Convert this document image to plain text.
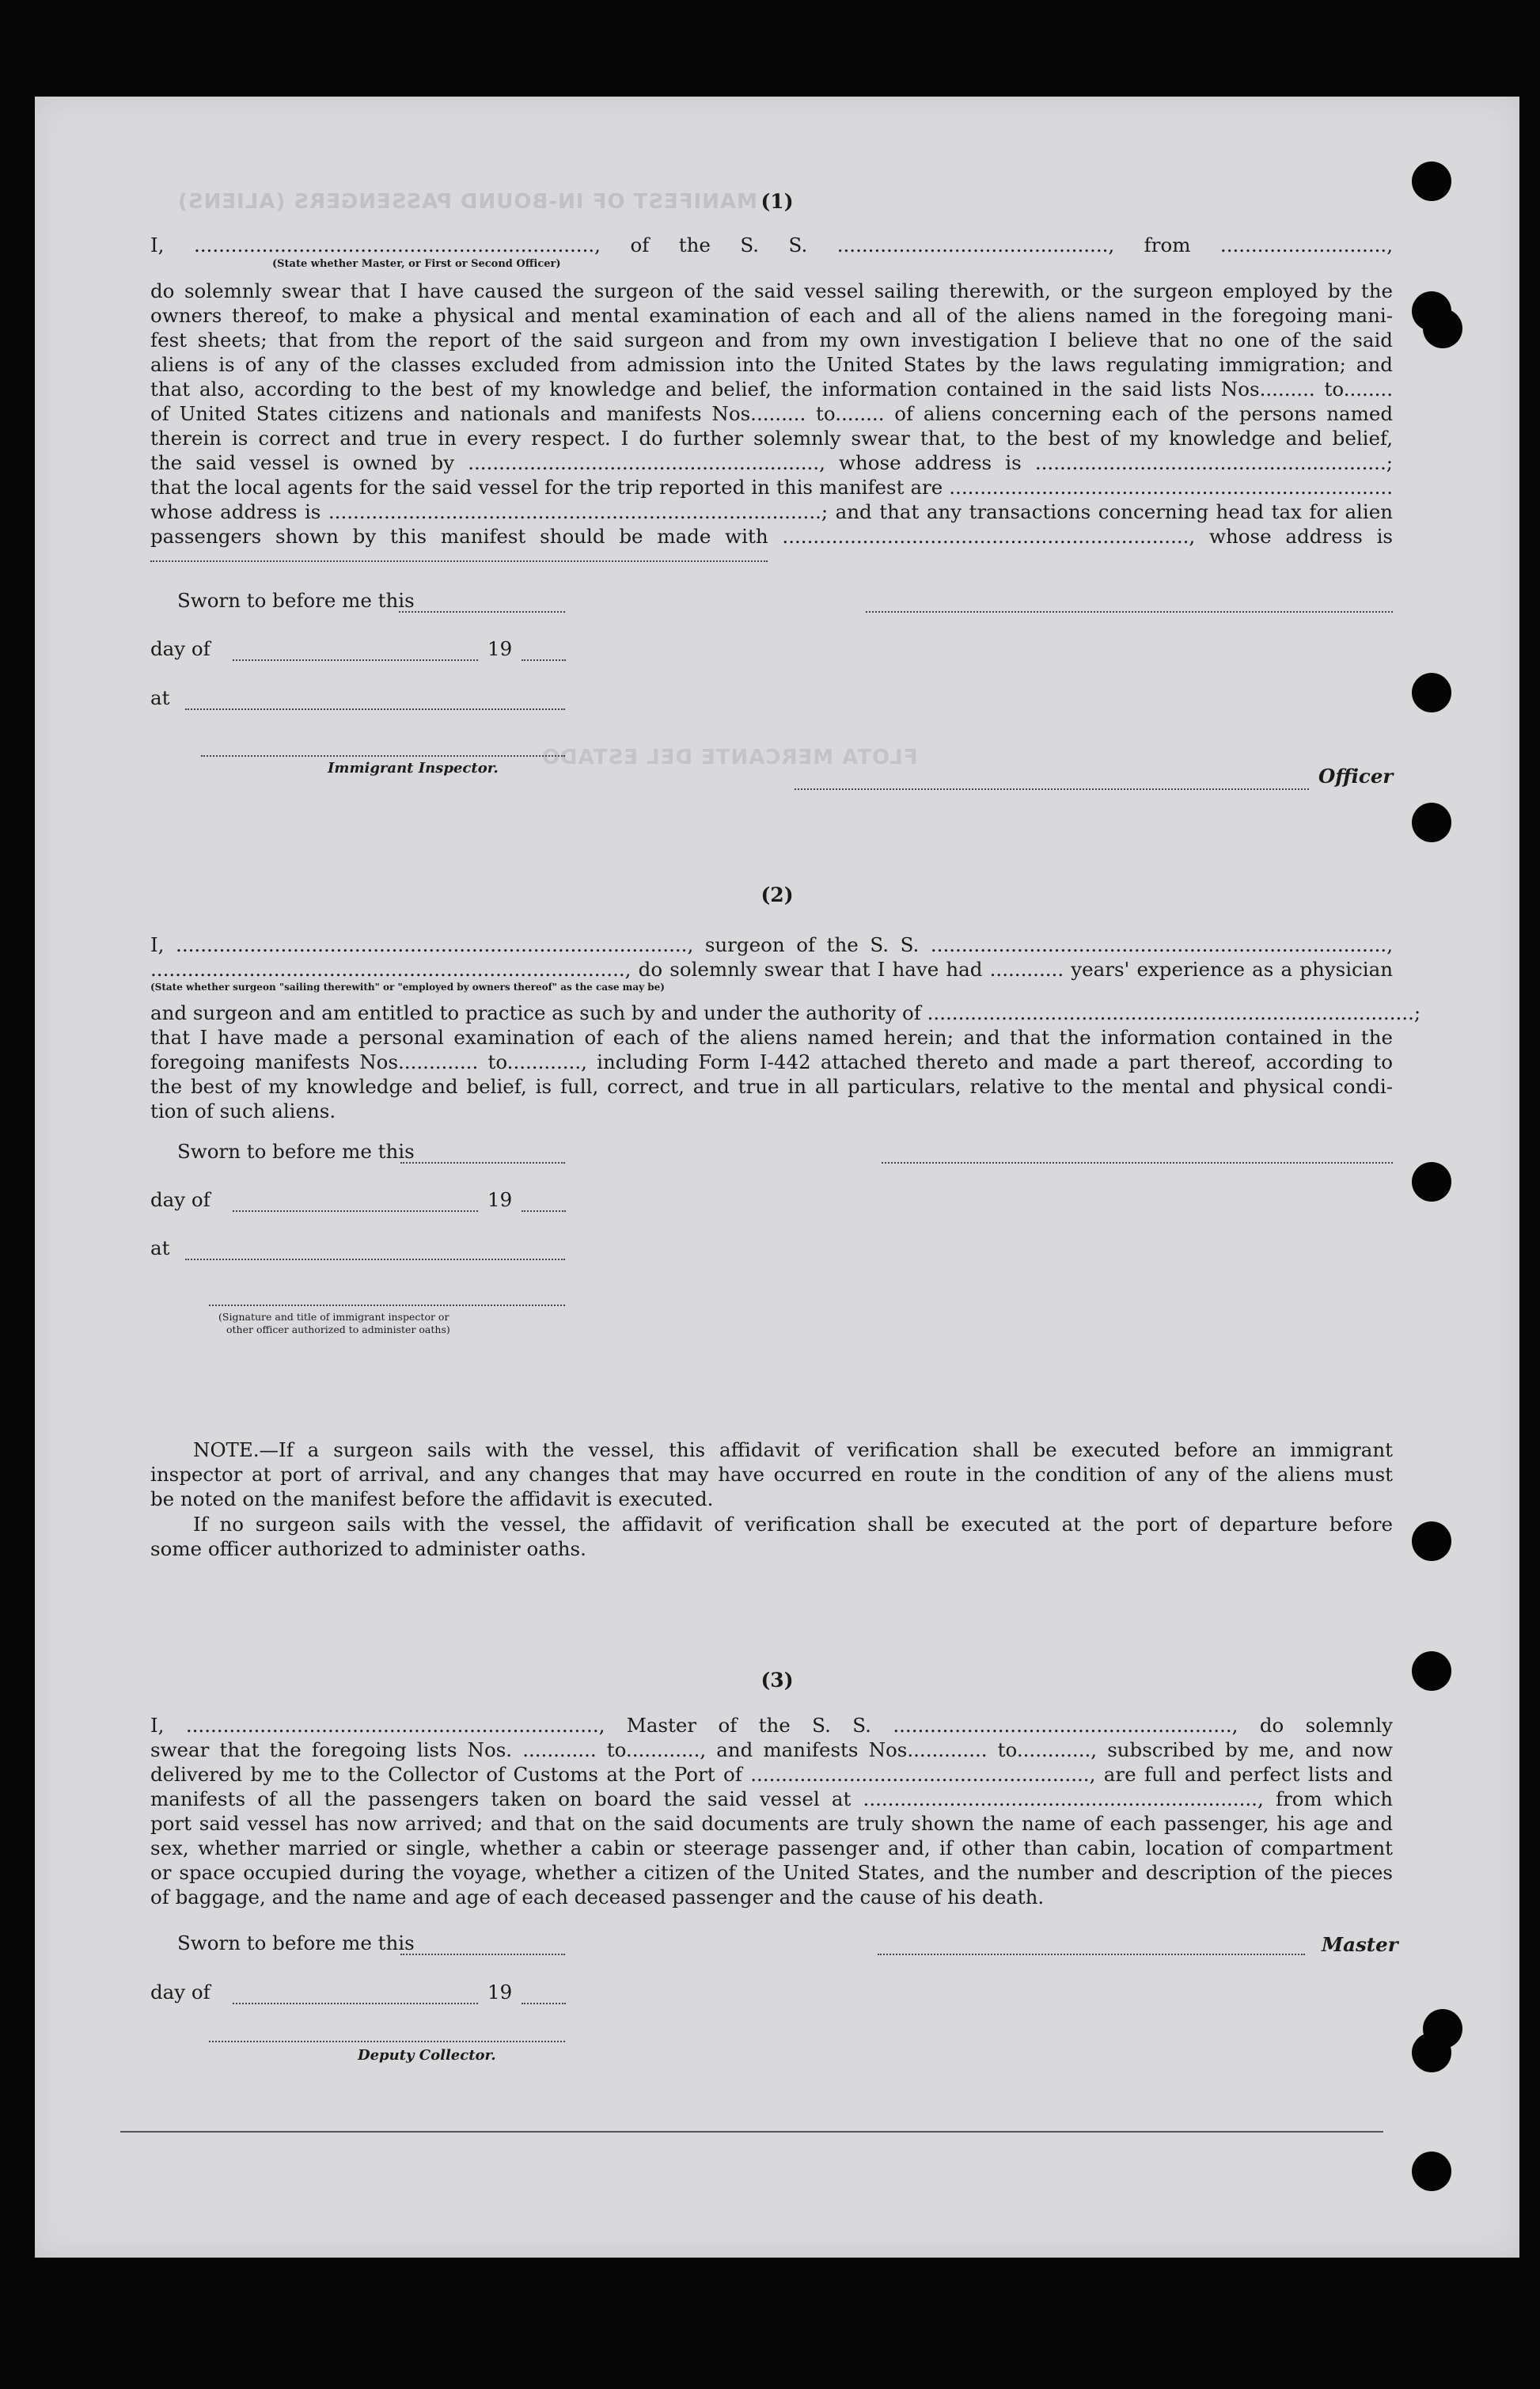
MANIFEST OF IN-BOUND PASSENGERS (ALIENS)
FLOTA MERCANTE DEL ESTADO
(1)
I, ................................................................., of the S. S. ............................................, from ...........................,
(State whether Master, or First or Second Officer)
do solemnly swear that I have caused the surgeon of the said vessel sailing therewith, or the surgeon employed by the
owners thereof, to make a physical and mental examination of each and all of the aliens named in the foregoing mani-
fest sheets; that from the report of the said surgeon and from my own investigation I believe that no one of the said
aliens is of any of the classes excluded from admission into the United States by the laws regulating immigration; and
that also, according to the best of my knowledge and belief, the information contained in the said lists Nos......... to........
of United States citizens and nationals and manifests Nos......... to........ of aliens concerning each of the persons named
therein is correct and true in every respect. I do further solemnly swear that, to the best of my knowledge and belief,
the said vessel is owned by ........................................................., whose address is .........................................................;
that the local agents for the said vessel for the trip reported in this manifest are ........................................................................
whose address is ................................................................................; and that any transactions concerning head tax for alien
passengers shown by this manifest should be made with .................................................................., whose address is
Sworn to before me this
day of	19
Officer
at
Immigrant Inspector.
(2)
I, ..................................................................................., surgeon of the S. S. ..........................................................................,
............................................................................., do solemnly swear that I have had ............ years' experience as a physician
(State whether surgeon "sailing therewith" or "employed by owners thereof" as the case may be)
and surgeon and am entitled to practice as such by and under the authority of ...............................................................................;
that I have made a personal examination of each of the aliens named herein; and that the information contained in the
foregoing manifests Nos............. to............, including Form I-442 attached thereto and made a part thereof, according to
the best of my knowledge and belief, is full, correct, and true in all particulars, relative to the mental and physical condi-
tion of such aliens.
Sworn to before me this
day of	19
at
(Signature and title of immigrant inspector or
other officer authorized to administer oaths)
NOTE.—If a surgeon sails with the vessel, this affidavit of verification shall be executed before an immigrant
inspector at port of arrival, and any changes that may have occurred en route in the condition of any of the aliens must
be noted on the manifest before the affidavit is executed.
If no surgeon sails with the vessel, the affidavit of verification shall be executed at the port of departure before
some officer authorized to administer oaths.
(3)
I, ..................................................................., Master of the S. S. ......................................................., do solemnly
swear that the foregoing lists Nos. ............ to............, and manifests Nos............. to............, subscribed by me, and now
delivered by me to the Collector of Customs at the Port of ......................................................., are full and perfect lists and
manifests of all the passengers taken on board the said vessel at ................................................................, from which
port said vessel has now arrived; and that on the said documents are truly shown the name of each passenger, his age and
sex, whether married or single, whether a cabin or steerage passenger and, if other than cabin, location of compartment
or space occupied during the voyage, whether a citizen of the United States, and the number and description of the pieces
of baggage, and the name and age of each deceased passenger and the cause of his death.
Sworn to before me this	Master
day of	19
Deputy Collector.
